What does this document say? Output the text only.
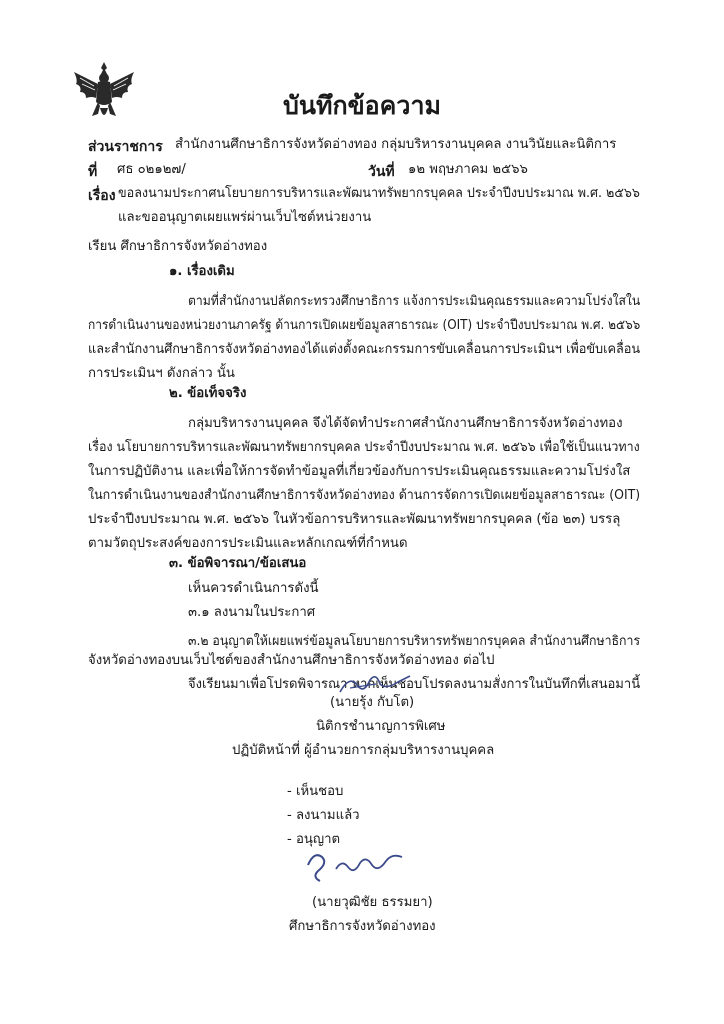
บันทึกข้อความ
ส่วนราชการ สำนักงานศึกษาธิการจังหวัดอ่างทอง กลุ่มบริหารงานบุคคล งานวินัยและนิติการ
ที่ ศธ ๐๒๑๒๗/	วันที่ ๑๒ พฤษภาคม ๒๕๖๖
เรื่อง ขอลงนามประกาศนโยบายการบริหารและพัฒนาทรัพยากรบุคคล ประจำปีงบประมาณ พ.ศ. ๒๕๖๖
และขออนุญาตเผยแพร่ผ่านเว็บไซต์หน่วยงาน
เรียน ศึกษาธิการจังหวัดอ่างทอง
๑. เรื่องเดิม
ตามที่สำนักงานปลัดกระทรวงศึกษาธิการ แจ้งการประเมินคุณธรรมและความโปร่งใสใน
การดำเนินงานของหน่วยงานภาครัฐ ด้านการเปิดเผยข้อมูลสาธารณะ (OIT) ประจำปีงบประมาณ พ.ศ. ๒๕๖๖
และสำนักงานศึกษาธิการจังหวัดอ่างทองได้แต่งตั้งคณะกรรมการขับเคลื่อนการประเมินฯ เพื่อขับเคลื่อน
การประเมินฯ ดังกล่าว นั้น
๒. ข้อเท็จจริง
กลุ่มบริหารงานบุคคล จึงได้จัดทำประกาศสำนักงานศึกษาธิการจังหวัดอ่างทอง
เรื่อง นโยบายการบริหารและพัฒนาทรัพยากรบุคคล ประจำปีงบประมาณ พ.ศ. ๒๕๖๖ เพื่อใช้เป็นแนวทาง
ในการปฏิบัติงาน และเพื่อให้การจัดทำข้อมูลที่เกี่ยวข้องกับการประเมินคุณธรรมและความโปร่งใส
ในการดำเนินงานของสำนักงานศึกษาธิการจังหวัดอ่างทอง ด้านการจัดการเปิดเผยข้อมูลสาธารณะ (OIT)
ประจำปีงบประมาณ พ.ศ. ๒๕๖๖ ในหัวข้อการบริหารและพัฒนาทรัพยากรบุคคล (ข้อ ๒๓) บรรลุ
ตามวัตถุประสงค์ของการประเมินและหลักเกณฑ์ที่กำหนด
๓. ข้อพิจารณา/ข้อเสนอ
เห็นควรดำเนินการดังนี้
๓.๑ ลงนามในประกาศ
๓.๒ อนุญาตให้เผยแพร่ข้อมูลนโยบายการบริหารทรัพยากรบุคคล สำนักงานศึกษาธิการ
จังหวัดอ่างทองบนเว็บไซต์ของสำนักงานศึกษาธิการจังหวัดอ่างทอง ต่อไป
จึงเรียนมาเพื่อโปรดพิจารณา หากเห็นชอบโปรดลงนามสั่งการในบันทึกที่เสนอมานี้
(นายรุ้ง กับโต)
นิติกรชำนาญการพิเศษ
ปฏิบัติหน้าที่ ผู้อำนวยการกลุ่มบริหารงานบุคคล
- เห็นชอบ
- ลงนามแล้ว
- อนุญาต
(นายวุฒิชัย ธรรมยา)
ศึกษาธิการจังหวัดอ่างทอง
